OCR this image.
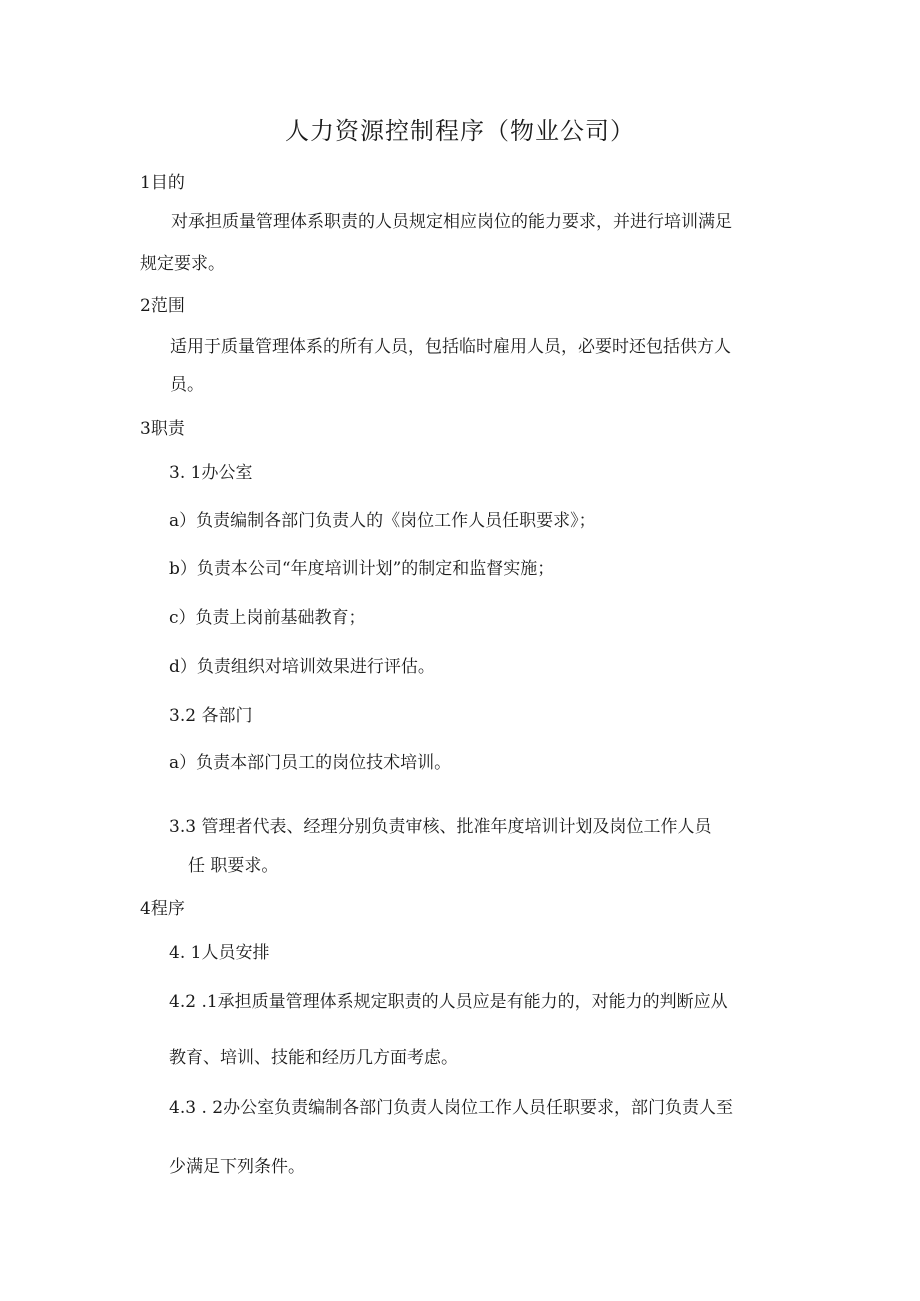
人力资源控制程序（物业公司）

1目的

对承担质量管理体系职责的人员规定相应岗位的能力要求，并进行培训满足

规定要求。

2范围

适用于质量管理体系的所有人员，包括临时雇用人员，必要时还包括供方人

员。

3职责

3. 1办公室

a）负责编制各部门负责人的《岗位工作人员任职要求》；

b）负责本公司“年度培训计划”的制定和监督实施；

c）负责上岗前基础教育；

d）负责组织对培训效果进行评估。

3.2 各部门

a）负责本部门员工的岗位技术培训。

3.3 管理者代表、经理分别负责审核、批准年度培训计划及岗位工作人员

任 职要求。

4程序

4. 1人员安排

4.2 .1承担质量管理体系规定职责的人员应是有能力的，对能力的判断应从

教育、培训、技能和经历几方面考虑。

4.3 . 2办公室负责编制各部门负责人岗位工作人员任职要求，部门负责人至

少满足下列条件。
